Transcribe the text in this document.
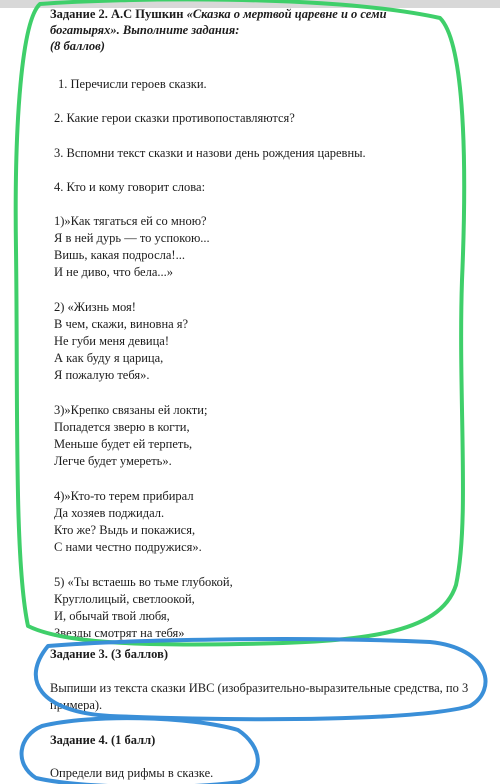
Задание 2. А.С Пушкин «Сказка о мертвой царевне и о семи
богатырях». Выполните задания:
(8 баллов)
1. Перечисли героев сказки.
2. Какие герои сказки противопоставляются?
3. Вспомни текст сказки и назови день рождения царевны.
4. Кто и кому говорит слова:
1)»Как тягаться ей со мною?
Я в ней дурь — то успокою...
Вишь, какая подросла!...
И не диво, что бела...»
2) «Жизнь моя!
В чем, скажи, виновна я?
Не губи меня девица!
А как буду я царица,
Я пожалую тебя».
3)»Крепко связаны ей локти;
Попадется зверю в когти,
Меньше будет ей терпеть,
Легче будет умереть».
4)»Кто-то терем прибирал
Да хозяев поджидал.
Кто же? Выдь и покажися,
С нами честно подружися».
5) «Ты встаешь во тьме глубокой,
Круглолицый, светлоокой,
И, обычай твой любя,
Звезды смотрят на тебя»
Задание 3. (3 баллов)
Выпиши из текста сказки ИВС (изобразительно-выразительные средства, по 3
примера).
Задание 4. (1 балл)
Определи вид рифмы в сказке.
